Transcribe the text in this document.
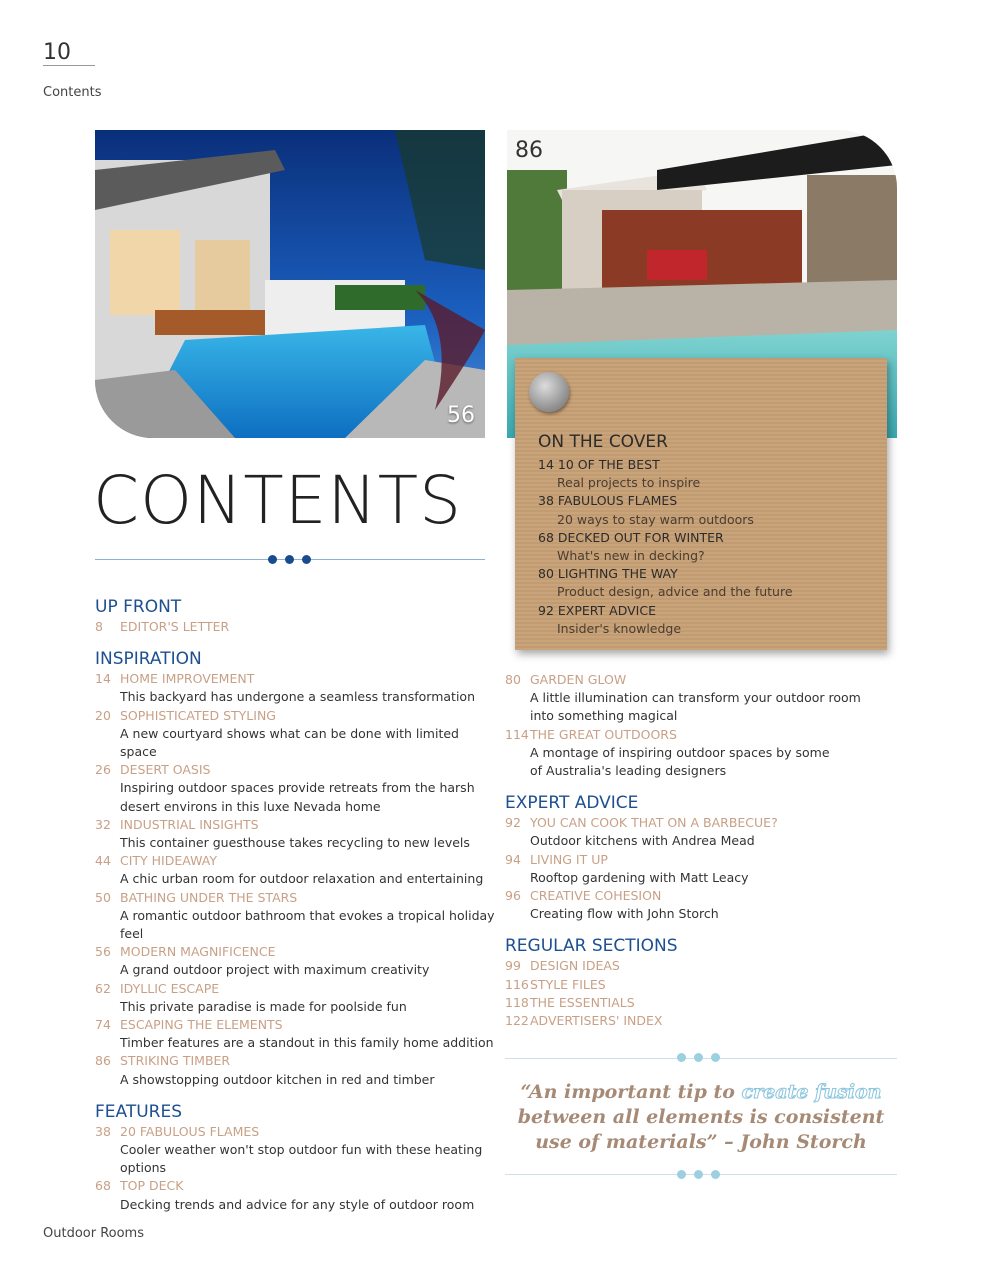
10
Contents
56
86
ON THE COVER
14 10 OF THE BEST
Real projects to inspire
38 FABULOUS FLAMES
20 ways to stay warm outdoors
68 DECKED OUT FOR WINTER
What's new in decking?
80 LIGHTING THE WAY
Product design, advice and the future
92 EXPERT ADVICE
Insider's knowledge
CONTENTS
UP FRONT
8 EDITOR'S LETTER
INSPIRATION
14 HOME IMPROVEMENT
This backyard has undergone a seamless transformation
20 SOPHISTICATED STYLING
A new courtyard shows what can be done with limited space
26 DESERT OASIS
Inspiring outdoor spaces provide retreats from the harsh
desert environs in this luxe Nevada home
32 INDUSTRIAL INSIGHTS
This container guesthouse takes recycling to new levels
44 CITY HIDEAWAY
A chic urban room for outdoor relaxation and entertaining
50 BATHING UNDER THE STARS
A romantic outdoor bathroom that evokes a tropical holiday feel
56 MODERN MAGNIFICENCE
A grand outdoor project with maximum creativity
62 IDYLLIC ESCAPE
This private paradise is made for poolside fun
74 ESCAPING THE ELEMENTS
Timber features are a standout in this family home addition
86 STRIKING TIMBER
A showstopping outdoor kitchen in red and timber
FEATURES
38 20 FABULOUS FLAMES
Cooler weather won't stop outdoor fun with these heating options
68 TOP DECK
Decking trends and advice for any style of outdoor room
80 GARDEN GLOW
A little illumination can transform your outdoor room
into something magical
114THE GREAT OUTDOORS
A montage of inspiring outdoor spaces by some
of Australia's leading designers
EXPERT ADVICE
92 YOU CAN COOK THAT ON A BARBECUE?
Outdoor kitchens with Andrea Mead
94 LIVING IT UP
Rooftop gardening with Matt Leacy
96 CREATIVE COHESION
Creating flow with John Storch
REGULAR SECTIONS
99 DESIGN IDEAS
116STYLE FILES
118THE ESSENTIALS
122ADVERTISERS' INDEX
“An important tip to create fusion between all elements is consistent use of materials” – John Storch
Outdoor Rooms
